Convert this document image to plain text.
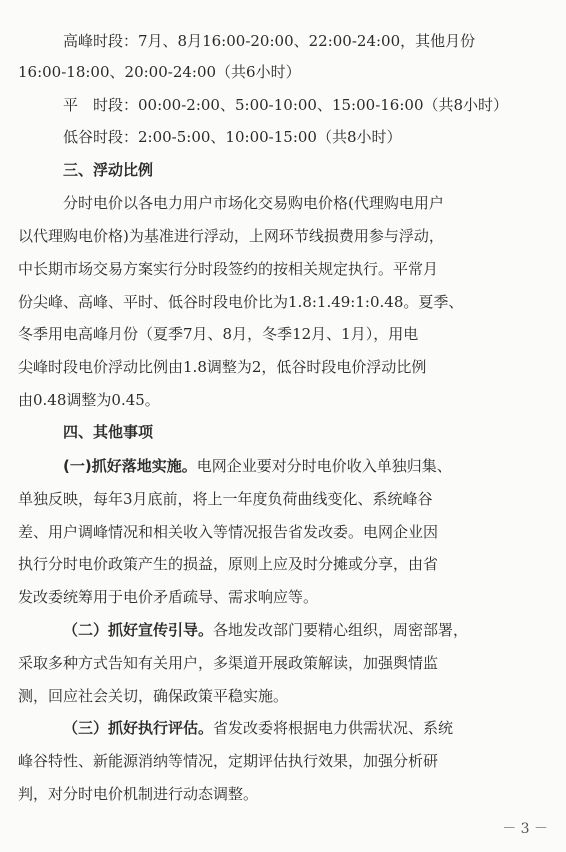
高峰时段：7月、8月16:00-20:00、22:00-24:00，其他月份
16:00-18:00、20:00-24:00（共6小时）
平　时段：00:00-2:00、5:00-10:00、15:00-16:00（共8小时）
低谷时段：2:00-5:00、10:00-15:00（共8小时）
三、浮动比例
分时电价以各电力用户市场化交易购电价格(代理购电用户
以代理购电价格)为基准进行浮动，上网环节线损费用参与浮动，
中长期市场交易方案实行分时段签约的按相关规定执行。平常月
份尖峰、高峰、平时、低谷时段电价比为1.8:1.49:1:0.48。夏季、
冬季用电高峰月份（夏季7月、8月，冬季12月、1月），用电
尖峰时段电价浮动比例由1.8调整为2，低谷时段电价浮动比例
由0.48调整为0.45。
四、其他事项
(一)抓好落地实施。电网企业要对分时电价收入单独归集、
单独反映，每年3月底前，将上一年度负荷曲线变化、系统峰谷
差、用户调峰情况和相关收入等情况报告省发改委。电网企业因
执行分时电价政策产生的损益，原则上应及时分摊或分享，由省
发改委统筹用于电价矛盾疏导、需求响应等。
（二）抓好宣传引导。各地发改部门要精心组织，周密部署，
采取多种方式告知有关用户，多渠道开展政策解读，加强舆情监
测，回应社会关切，确保政策平稳实施。
（三）抓好执行评估。省发改委将根据电力供需状况、系统
峰谷特性、新能源消纳等情况，定期评估执行效果，加强分析研
判，对分时电价机制进行动态调整。
－ 3 －
